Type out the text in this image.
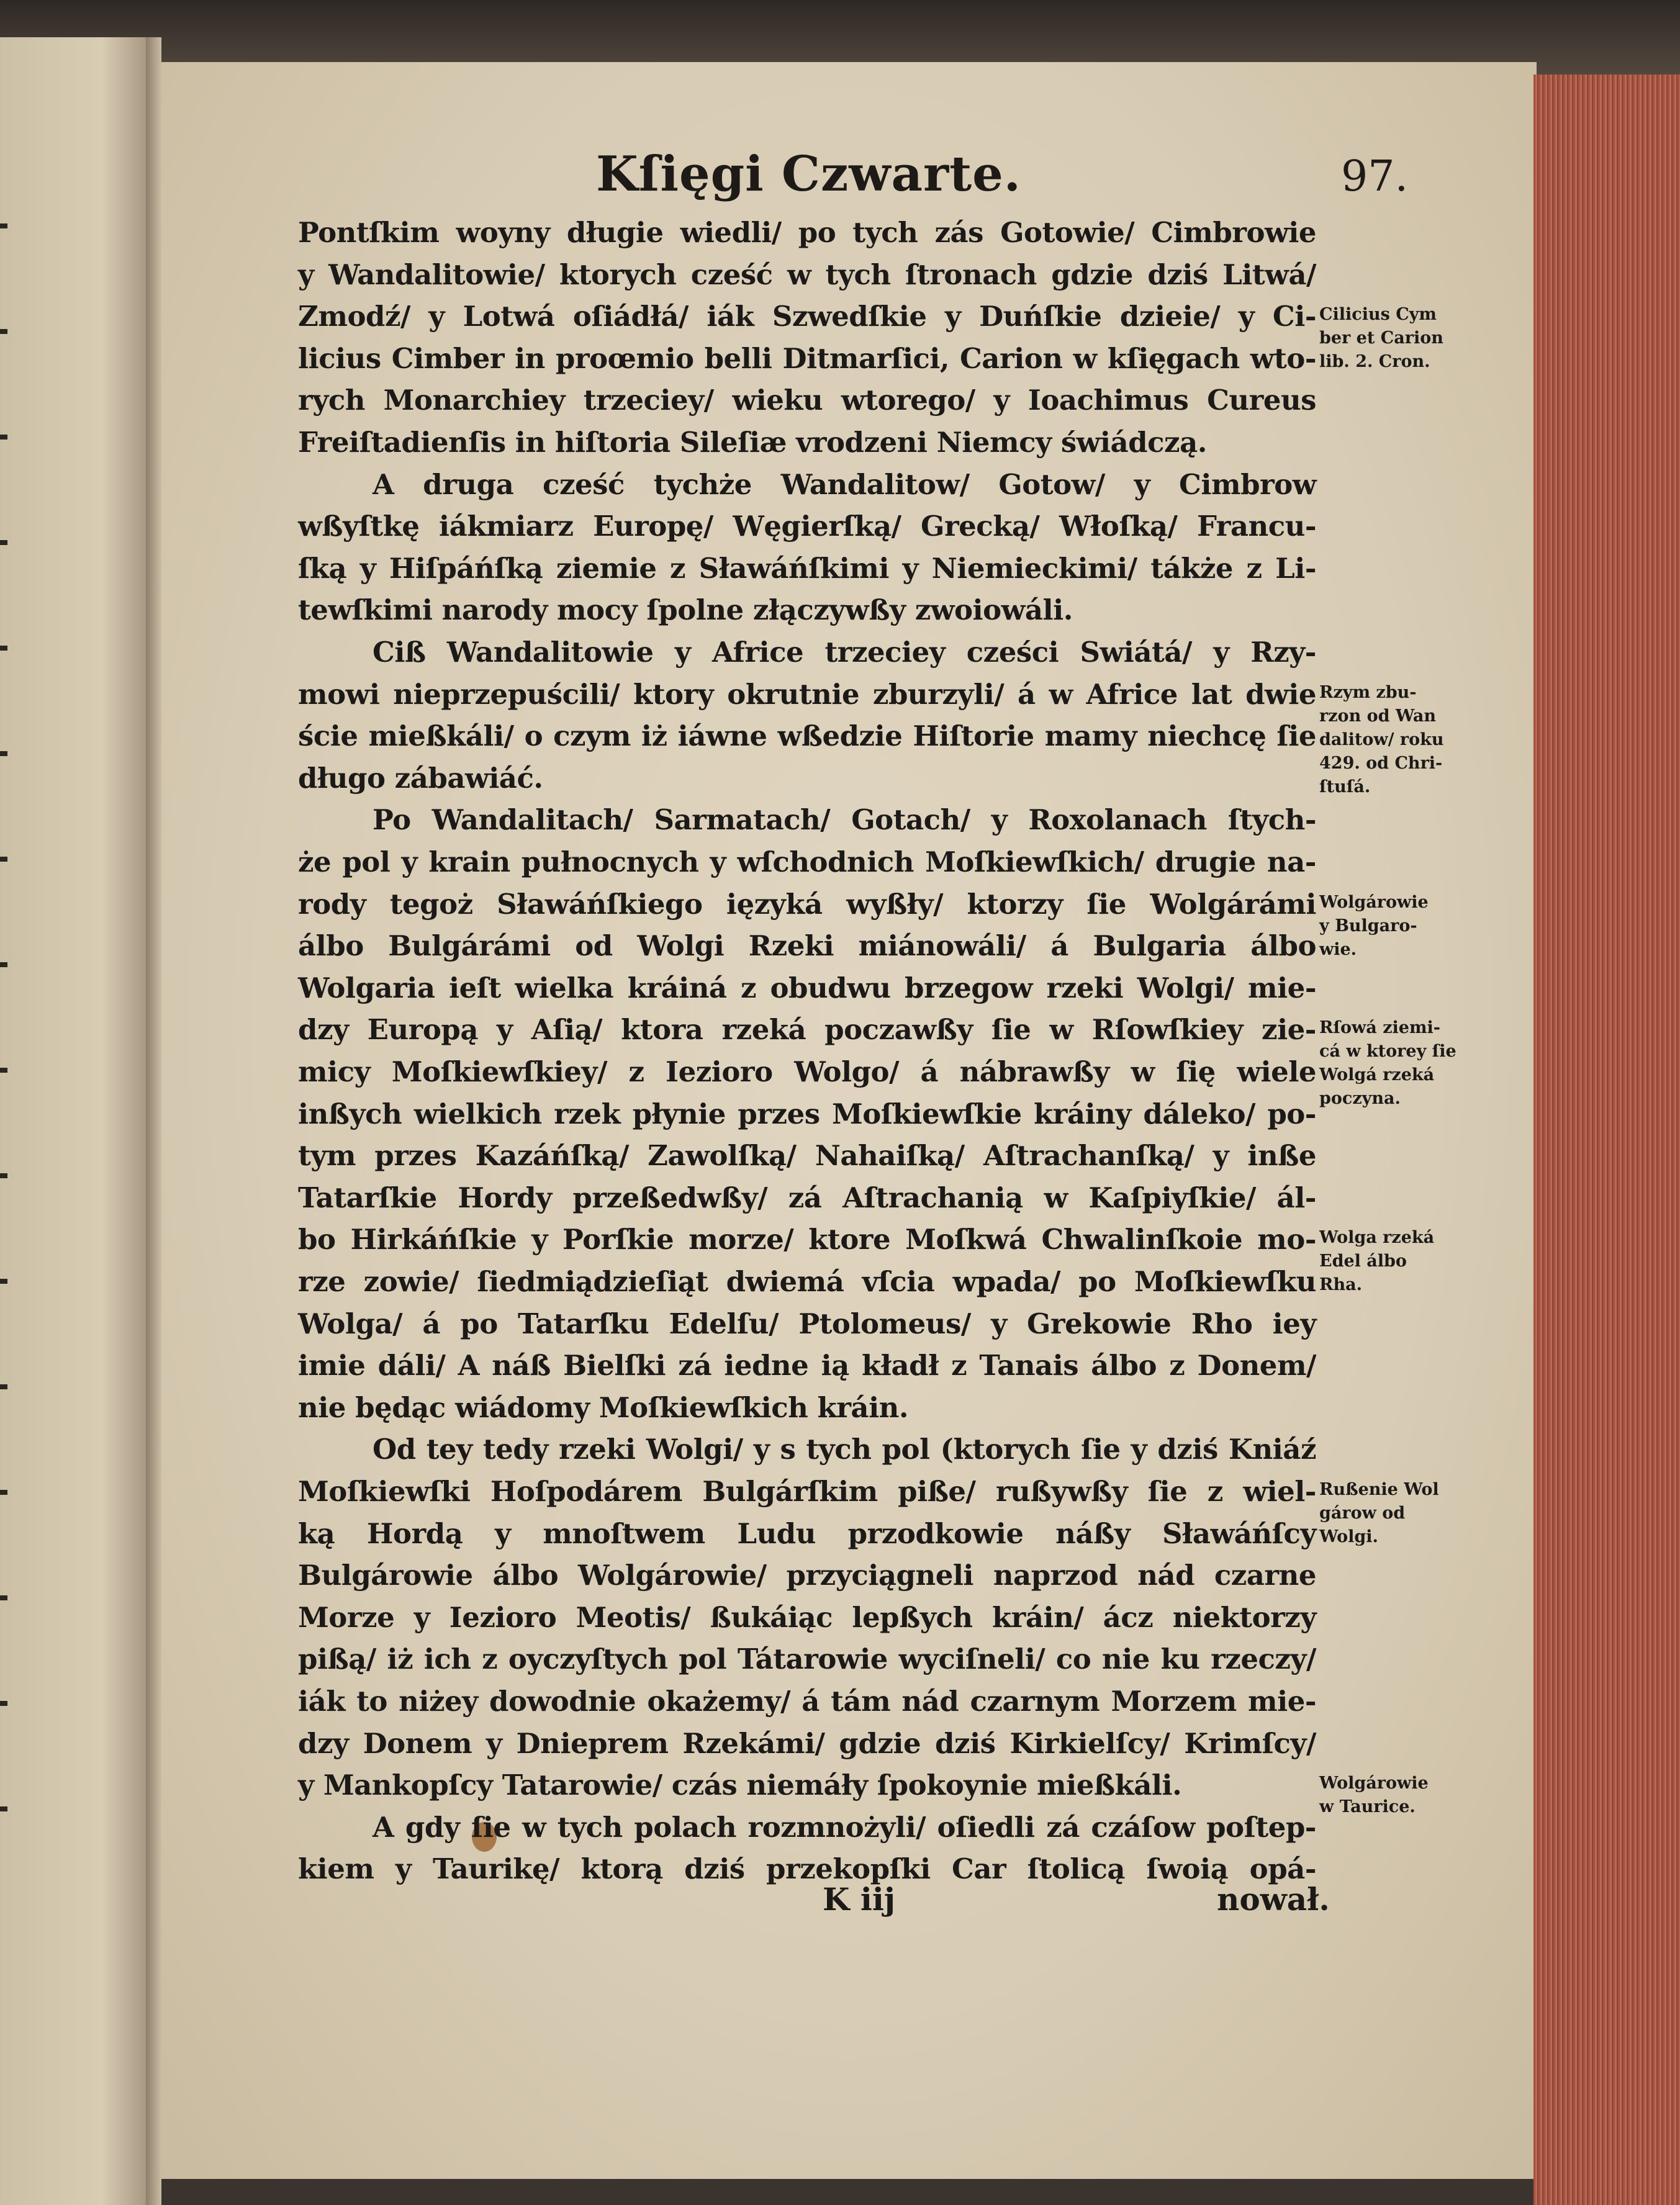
Kſięgi Czwarte.	97.
Pontſkim woyny długie wiedli/ po tych zás Gotowie/ Cimbrowie
y Wandalitowie/ ktorych cześć w tych ſtronach gdzie dziś Litwá/
Zmodź/ y Lotwá oſiádłá/ iák Szwedſkie y Duńſkie dzieie/ y Ci-
licius Cimber in proœmio belli Ditmarſici, Carion w kſięgach wto-
rych Monarchiey trzeciey/ wieku wtorego/ y Ioachimus Cureus
Freiſtadienſis in hiſtoria Sileſiæ vrodzeni Niemcy świádczą.
A druga cześć tychże Wandalitow/ Gotow/ y Cimbrow
wßyſtkę iákmiarz Europę/ Węgierſką/ Grecką/ Włoſką/ Francu-
ſką y Hiſpáńſką ziemie z Sławáńſkimi y Niemieckimi/ tákże z Li-
tewſkimi narody mocy ſpolne złączywßy zwoiowáli.
Ciß Wandalitowie y Africe trzeciey cześci Swiátá/ y Rzy-
mowi nieprzepuścili/ ktory okrutnie zburzyli/ á w Africe lat dwie
ście mießkáli/ o czym iż iáwne wßedzie Hiſtorie mamy niechcę ſie
długo zábawiáć.
Po Wandalitach/ Sarmatach/ Gotach/ y Roxolanach ſtych-
że pol y krain pułnocnych y wſchodnich Moſkiewſkich/ drugie na-
rody tegoż Sławáńſkiego ięzyká wyßły/ ktorzy ſie Wolgárámi
álbo Bulgárámi od Wolgi Rzeki miánowáli/ á Bulgaria álbo
Wolgaria ieſt wielka kráiná z obudwu brzegow rzeki Wolgi/ mie-
dzy Europą y Aſią/ ktora rzeká poczawßy ſie w Rſowſkiey zie-
micy Moſkiewſkiey/ z Iezioro Wolgo/ á nábrawßy w ſię wiele
inßych wielkich rzek płynie przes Moſkiewſkie kráiny dáleko/ po-
tym przes Kazáńſką/ Zawolſką/ Nahaiſką/ Aſtrachanſką/ y inße
Tatarſkie Hordy przeßedwßy/ zá Aſtrachanią w Kaſpiyſkie/ ál-
bo Hirkáńſkie y Porſkie morze/ ktore Moſkwá Chwalinſkoie mo-
rze zowie/ ſiedmiądzieſiąt dwiemá vſcia wpada/ po Moſkiewſku
Wolga/ á po Tatarſku Edelſu/ Ptolomeus/ y Grekowie Rho iey
imie dáli/ A náß Bielſki zá iedne ią kładł z Tanais álbo z Donem/
nie będąc wiádomy Moſkiewſkich kráin.
Od tey tedy rzeki Wolgi/ y s tych pol (ktorych ſie y dziś Kniáź
Moſkiewſki Hoſpodárem Bulgárſkim piße/ rußywßy ſie z wiel-
ką Hordą y mnoſtwem Ludu przodkowie náßy Sławáńſcy
Bulgárowie álbo Wolgárowie/ przyciągneli naprzod nád czarne
Morze y Iezioro Meotis/ ßukáiąc lepßych kráin/ ácz niektorzy
pißą/ iż ich z oyczyſtych pol Tátarowie wyciſneli/ co nie ku rzeczy/
iák to niżey dowodnie okażemy/ á tám nád czarnym Morzem mie-
dzy Donem y Dnieprem Rzekámi/ gdzie dziś Kirkielſcy/ Krimſcy/
y Mankopſcy Tatarowie/ czás niemáły ſpokoynie mießkáli.
A gdy ſie w tych polach rozmnożyli/ oſiedli zá czáſow poſtep-
kiem y Taurikę/ ktorą dziś przekopſki Car ſtolicą ſwoią opá-
Cilicius Cym
ber et Carion
lib. 2. Cron.
Rzym zbu-
rzon od Wan
dalitow/ roku
429. od Chri-
ſtuſá.
Wolgárowie
y Bulgaro-
wie.
Rſowá ziemi-
cá w ktorey ſie
Wolgá rzeká
poczyna.
Wolga rzeká
Edel álbo
Rha.
Rußenie Wol
gárow od
Wolgi.
Wolgárowie
w Taurice.
K iij	nował.
